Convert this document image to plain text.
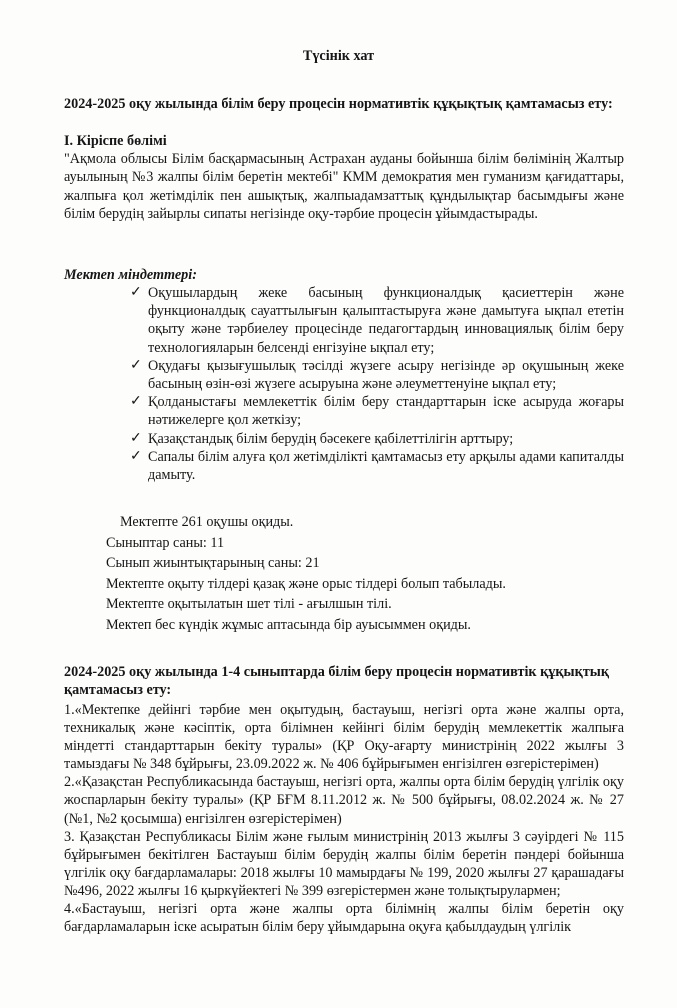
Түсінік хат
2024-2025 оқу жылында білім беру процесін нормативтік құқықтық қамтамасыз ету:
І. Кіріспе бөлімі
"Ақмола облысы Білім басқармасының Астрахан ауданы бойынша білім бөлімінің Жалтыр ауылының №3 жалпы білім беретін мектебі" КММ демократия мен гуманизм қағидаттары, жалпыға қол жетімділік пен ашықтық, жалпыадамзаттық құндылықтар басымдығы және білім берудің зайырлы сипаты негізінде оқу-тәрбие процесін ұйымдастырады.
Мектеп міндеттері:
✓ Оқушылардың жеке басының функционалдық қасиеттерін және функционалдық сауаттылығын қалыптастыруға және дамытуға ықпал ететін оқыту және тәрбиелеу процесінде педагогтардың инновациялық білім беру технологияларын белсенді енгізуіне ықпал ету;
✓ Оқудағы қызығушылық тәсілді жүзеге асыру негізінде әр оқушының жеке басының өзін-өзі жүзеге асыруына және әлеуметтенуіне ықпал ету;
✓ Қолданыстағы мемлекеттік білім беру стандарттарын іске асыруда жоғары нәтижелерге қол жеткізу;
✓ Қазақстандық білім берудің бәсекеге қабілеттілігін арттыру;
✓ Сапалы білім алуға қол жетімділікті қамтамасыз ету арқылы адами капиталды дамыту.
Мектепте 261 оқушы оқиды.
Сыныптар саны: 11
Сынып жиынтықтарының саны: 21
Мектепте оқыту тілдері қазақ және орыс тілдері болып табылады.
Мектепте оқытылатын шет тілі - ағылшын тілі.
Мектеп бес күндік жұмыс аптасында бір ауысыммен оқиды.
2024-2025 оқу жылында 1-4 сыныптарда білім беру процесін нормативтік құқықтық қамтамасыз ету:

1.«Мектепке дейінгі тәрбие мен оқытудың, бастауыш, негізгі орта және жалпы орта, техникалық және кәсіптік, орта білімнен кейінгі білім берудің мемлекеттік жалпыға міндетті стандарттарын бекіту туралы» (ҚР Оқу-ағарту министрінің 2022 жылғы 3 тамыздағы № 348 бұйрығы, 23.09.2022 ж. № 406 бұйрығымен енгізілген өзгерістерімен)

2.«Қазақстан Республикасында бастауыш, негізгі орта, жалпы орта білім берудің үлгілік оқу жоспарларын бекіту туралы» (ҚР БҒМ 8.11.2012 ж. № 500 бұйрығы, 08.02.2024 ж. № 27 (№1, №2 қосымша) енгізілген өзгерістерімен)

3. Қазақстан Республикасы Білім және ғылым министрінің 2013 жылғы 3 сәуірдегі № 115 бұйрығымен бекітілген Бастауыш білім берудің жалпы білім беретін пәндері бойынша үлгілік оқу бағдарламалары: 2018 жылғы 10 мамырдағы № 199, 2020 жылғы 27 қарашадағы №496, 2022 жылғы 16 қыркүйектегі № 399 өзгерістермен және толықтырулармен;

4.«Бастауыш, негізгі орта және жалпы орта білімнің жалпы білім беретін оқу бағдарламаларын іске асыратын білім беру ұйымдарына оқуға қабылдаудың үлгілік
